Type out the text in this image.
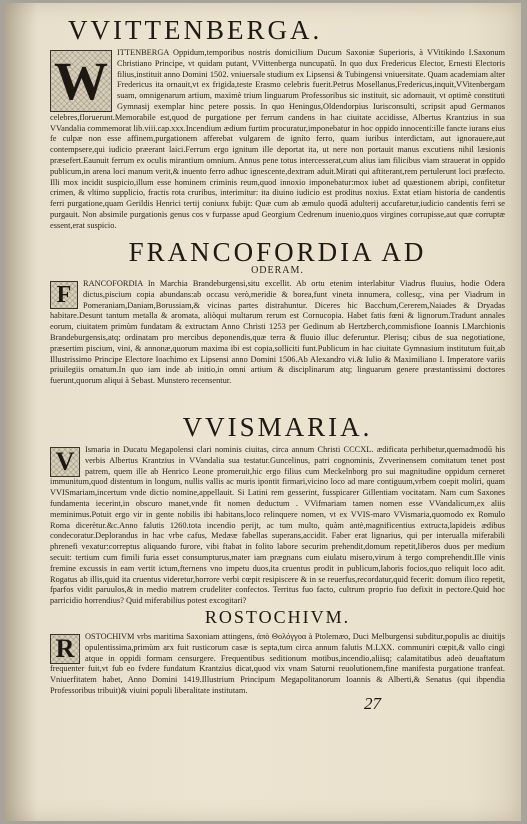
VVITTENBERGA.
W	ITTENBERGA Oppidum,temporibus nostris domicilium Ducum Saxoniæ Superioris, à VVitikindo I.Saxonum Christiano Principe, vt quidam putant, VVittenberga nuncupatū. In quo dux Fredericus Elector, Ernesti Electoris filius,instituit anno Domini 1502. vniuersale studium ex Lipsensi & Tubingensi vniuersitate. Quam academiam alter Fredericus ita ornauit,vt ex frigida,teste Erasmo celebris fuerit.Petrus Mosellanus,Fredericus,inquit,VVitenbergam suam, omnigenarum artium, maximè trium linguarum Professoribus sic instituit, sic adornauit, vt optimè constituti Gymnasij exemplar hinc petere possis. In quo Heningus,Oldendorpius Iurisconsulti, scripsit apud Germanos celebres,floruerunt.Memorabile est,quod de purgatione per ferrum candens in hac ciuitate accidisse, Albertus Krantzius in sua VVandalia commemorat lib.viii.cap.xxx.Incendium ædium furtim procuratur,imponebatur in hoc oppido innocenti:ille fancte iurans eius fe culpæ non esse affinem,purgationem afferebat vulgarem de igníto ferro, quam iuribus interdictam, aut ignorauere,aut contempsere,qui iudicio præerant laici.Ferrum ergo ignitum ille deportat ita, ut nere non portauit manus excutiens nihil læsionis præsefert.Eaunuit ferrum ex oculis mirantium omnium. Annus pene totus intercesserat,cum alius iam filicibus viam strauerat in oppido publicum,in arena loci manum verit,& inuento ferro adhuc ignescente,dextram aduit.Mirati qui aftiterant,rem pertulerunt loci præfecto. Illi mox incidit suspicio,illum esse hominem criminis reum,quod innoxio imponebatur:mox iubet ad quæstionem abripi, confitetur crimen, & vltimo supplicio, fractis rota cruribus, interimitur: ita diuino iudicio est proditus noxius. Extat etiam historia de candentis ferri purgatione,quam Gerildis Henrici tertij coniunx fubijt: Quæ cum ab æmulo quodā adulterij accufaretur,iudicio candentis ferri se purgauit. Non absimile purgationis genus cos v furpasse apud Georgium Cedrenum inuenio,quos virgines corrupisse,aut quæ corruptæ essent,erat suspicio.
FRANCOFORDIA AD
ODERAM.
F	RANCOFORDIA In Marchia Brandeburgensi,situ excellit. Ab ortu etenim interlabitur Viadrus fluuius, hodie Odera dictus,piscium copia abundans:ab occasu verò,meridie & borea,funt vineta innumera, collesq;, vina per Viadrum in Pomeraniam,Daniam,Borussiam,& vicinas partes distrahuntur. Diceres hic Bacchum,Cererem,Naiades & Dryadas habitare.Desunt tantum metalla & aromata, aliòqui multarum rerum est Cornucopia. Habet fatis fœni & lignorum.Tradunt annales eorum, ciuitatem primùm fundatam & extructam Anno Christi 1253 per Gedinum ab Hertzberch,commisfione Ioannis I.Marchionis Brandeburgensis,atq; ordinatam pro mercibus deponendis,quæ terra & fluuio illuc deferuntur. Plerisq; cibus de sua negotiatione, præsertim piscium, vini, & annonæ,quorum maxima ibi est copia,solliciti funt.Publicum in hac ciuitate Gymnasium institutum fuit,ab Illustrissimo Principe Electore Ioachimo ex Lipsensi anno Domini 1506.Ab Alexandro vi.& Iulio & Maximiliano I. Imperatore variis priuilegiis ornatum.In quo iam inde ab initio,in omni artium & disciplinarum atq; linguarum genere præstantissimi doctores fuerunt,quorum aliqui à Sebast. Munstero recensentur.
VVISMARIA.
V	Ismaria in Ducatu Megapolensi clari nominis ciuitas, circa annum Christi CCCXL. ædificata perhibetur,quemadmodū his verbis Albertus Krantzius in VVandalia sua testatur.Guncelinus, patri cognominis, Zvverinensem comitatum tenet post patrem, quem ille ab Henrico Leone promeruit,hic ergo filius cum Meckelnborg pro sui magnitudine oppidum cerneret immunitum,quod distentum in longum, nullis vallis ac muris ipontit firmari,vicino loco ad mare contiguum,vrbem coepit moliri, quam VVISmariam,incertum vnde dictio nomine,appellauit. Si Latini rem gesserint, fusspicarer Gillentiam vocitatam. Nam cum Saxones fundamenta iecerint,in obscuro manet,vnde fit nomen deductum . VVifmariam tamen nomen esse VVandalicum,ex aliis meminimus.Potuit ergo vir in gente nobilis ibi habitans,loco relinquere nomen, vt ex VVIS-maro VVismaria,quomodo ex Romulo Roma dicerètur.&c.Anno falutis 1260.tota incendio perijt, ac tum multo, quàm antè,magnificentius extructa,lapideis ædibus condecoratur.Deplorandus in hac vrbe cafus, Medææ fabellas superans,accidit. Faber erat lignarius, qui per interualla miferabili phrenefi vexatur:correptus aliquando furore, vibi ftabat in folito labore securim prehendit,domum repetit,liberos duos per medium secuit: tertium cum fimili furia esset consumpturus,mater iam prægnans cum eiulatu misero,virum à tergo comprehendit.Ille vinis fremine excussis in eam vertit ictum,fternens vno impetu duos,ita cruentus prodit in publicum,laboris focios,quo reliquit loco adit. Rogatus ab illis,quid ita cruentus videretur,horrore verbi cœpit resipiscere & in se reuerfus,recordatur,quid fecerit: domum ilico repetit, fparfos vidit paruulos,& in medio matrem crudeliter confectos. Territus fuo facto, cultrum proprio fuo defixit in pectore.Quid hoc parricidio horrendius? Quid miferabilius potest excogitari?
ROSTOCHIVM.
R	OSTOCHIVM vrbs maritima Saxoniam attingens, ἀπὸ Θολόγγοα à Ptolemæo, Duci Melburgensi subditur,populis ac diuitijs opulentissima,primùm arx fuit rusticorum casæ is septa,tum circa annum falutis M.LXX. communiri cœpit,& vallo cingi atque in oppidi formam censurgere. Frequentibus seditionum motibus,incendio,aliisq; calamitatibus adeò deuaftatum frequenter fuit,vt fub eo fvdere fundatum Krantzius dicat,quod vix vnam Saturni reuolutionem,fine manifesta purgatione tranfeat. Vniuerfitatem habet, Anno Domini 1419.Illustrium Principum Megapolitanorum Ioannis & Alberti,& Senatus (qui ibpendia Professoribus tribuit)& viuini populi liberalitate institutam.
27
